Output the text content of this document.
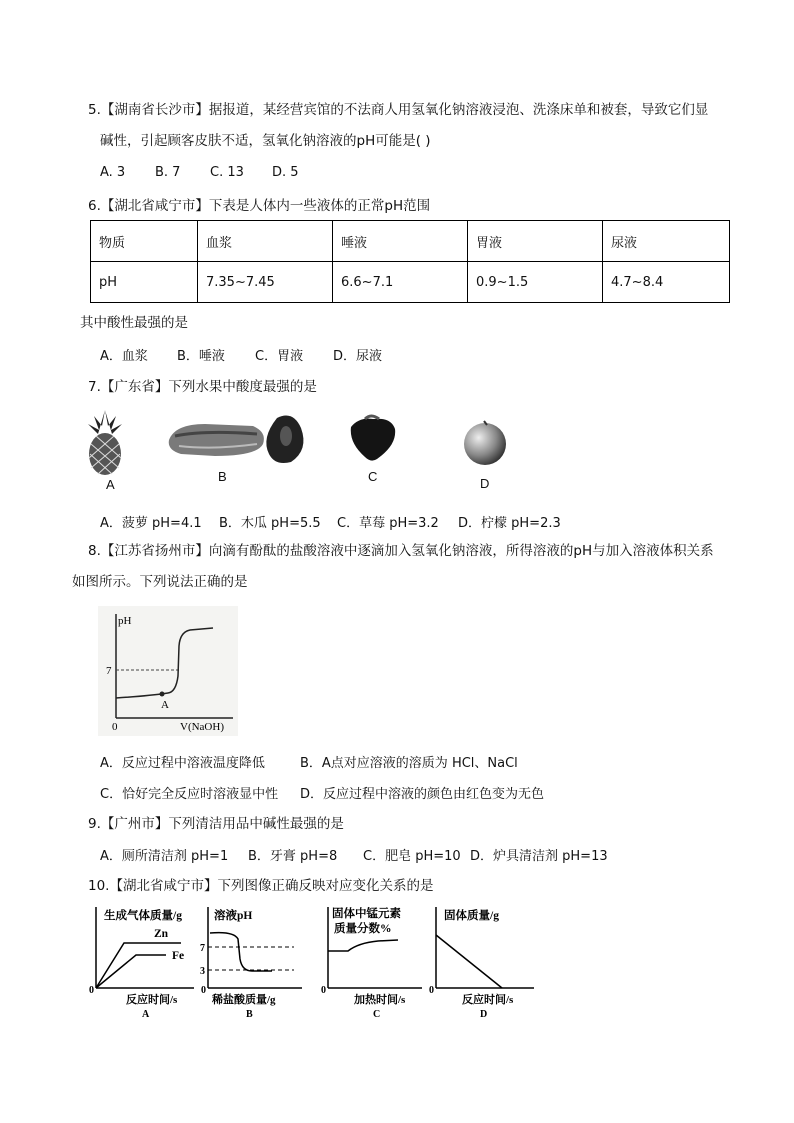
5.【湖南省长沙市】据报道，某经营宾馆的不法商人用氢氧化钠溶液浸泡、洗涤床单和被套，导致它们显
碱性，引起顾客皮肤不适，氢氧化钠溶液的pH可能是( )
A. 3 B. 7 C. 13 D. 5
6.【湖北省咸宁市】下表是人体内一些液体的正常pH范围
物质	血浆	唾液	胃液	尿液
pH	7.35~7.45	6.6~7.1	0.9~1.5	4.7~8.4
其中酸性最强的是
A．血浆 B．唾液 C．胃液 D．尿液
7.【广东省】下列水果中酸度最强的是
A
B	C	D
A．菠萝 pH=4.1 B．木瓜 pH=5.5 C．草莓 pH=3.2 D．柠檬 pH=2.3
8.【江苏省扬州市】向滴有酚酞的盐酸溶液中逐滴加入氢氧化钠溶液，所得溶液的pH与加入溶液体积关系
如图所示。下列说法正确的是
pH
7
0
A
V(NaOH)
A．反应过程中溶液温度降低	B．A点对应溶液的溶质为 HCl、NaCl
C．恰好完全反应时溶液显中性 D．反应过程中溶液的颜色由红色变为无色
9.【广州市】下列清洁用品中碱性最强的是
A．厕所清洁剂 pH=1 B．牙膏 pH=8 C．肥皂 pH=10 D．炉具清洁剂 pH=13
10.【湖北省咸宁市】下列图像正确反映对应变化关系的是
生成气体质量/g
Zn
Fe
0
反应时间/s
A
溶液pH
7
3
0
稀盐酸质量/g
B
固体中锰元素
质量分数%
0
加热时间/s
C
固体质量/g
0
反应时间/s
D
